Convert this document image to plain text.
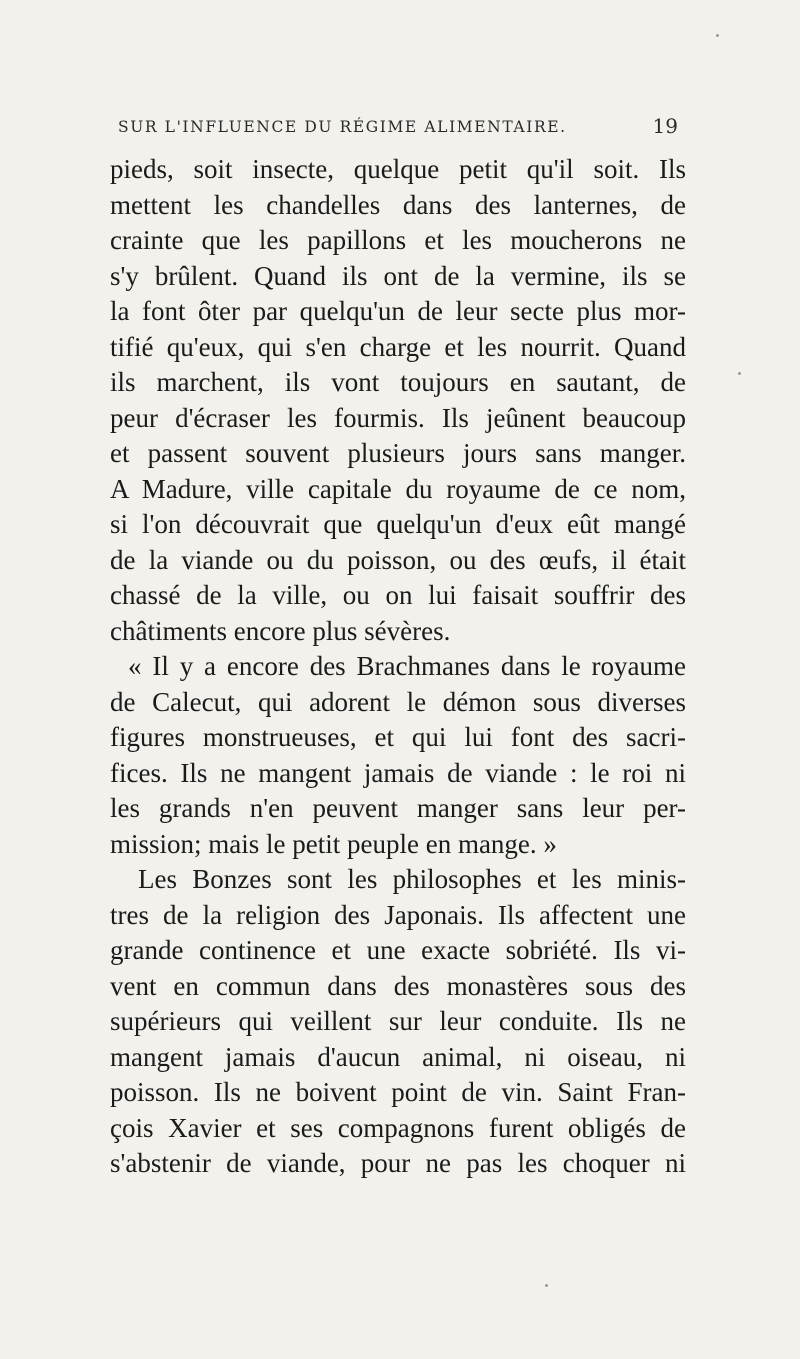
SUR L'INFLUENCE DU RÉGIME ALIMENTAIRE.	19
pieds, soit insecte, quelque petit qu'il soit. Ils
mettent les chandelles dans des lanternes, de
crainte que les papillons et les moucherons ne
s'y brûlent. Quand ils ont de la vermine, ils se
la font ôter par quelqu'un de leur secte plus mor-
tifié qu'eux, qui s'en charge et les nourrit. Quand
ils marchent, ils vont toujours en sautant, de
peur d'écraser les fourmis. Ils jeûnent beaucoup
et passent souvent plusieurs jours sans manger.
A Madure, ville capitale du royaume de ce nom,
si l'on découvrait que quelqu'un d'eux eût mangé
de la viande ou du poisson, ou des œufs, il était
chassé de la ville, ou on lui faisait souffrir des
châtiments encore plus sévères.
« Il y a encore des Brachmanes dans le royaume
de Calecut, qui adorent le démon sous diverses
figures monstrueuses, et qui lui font des sacri-
fices. Ils ne mangent jamais de viande : le roi ni
les grands n'en peuvent manger sans leur per-
mission; mais le petit peuple en mange. »
Les Bonzes sont les philosophes et les minis-
tres de la religion des Japonais. Ils affectent une
grande continence et une exacte sobriété. Ils vi-
vent en commun dans des monastères sous des
supérieurs qui veillent sur leur conduite. Ils ne
mangent jamais d'aucun animal, ni oiseau, ni
poisson. Ils ne boivent point de vin. Saint Fran-
çois Xavier et ses compagnons furent obligés de
s'abstenir de viande, pour ne pas les choquer ni
